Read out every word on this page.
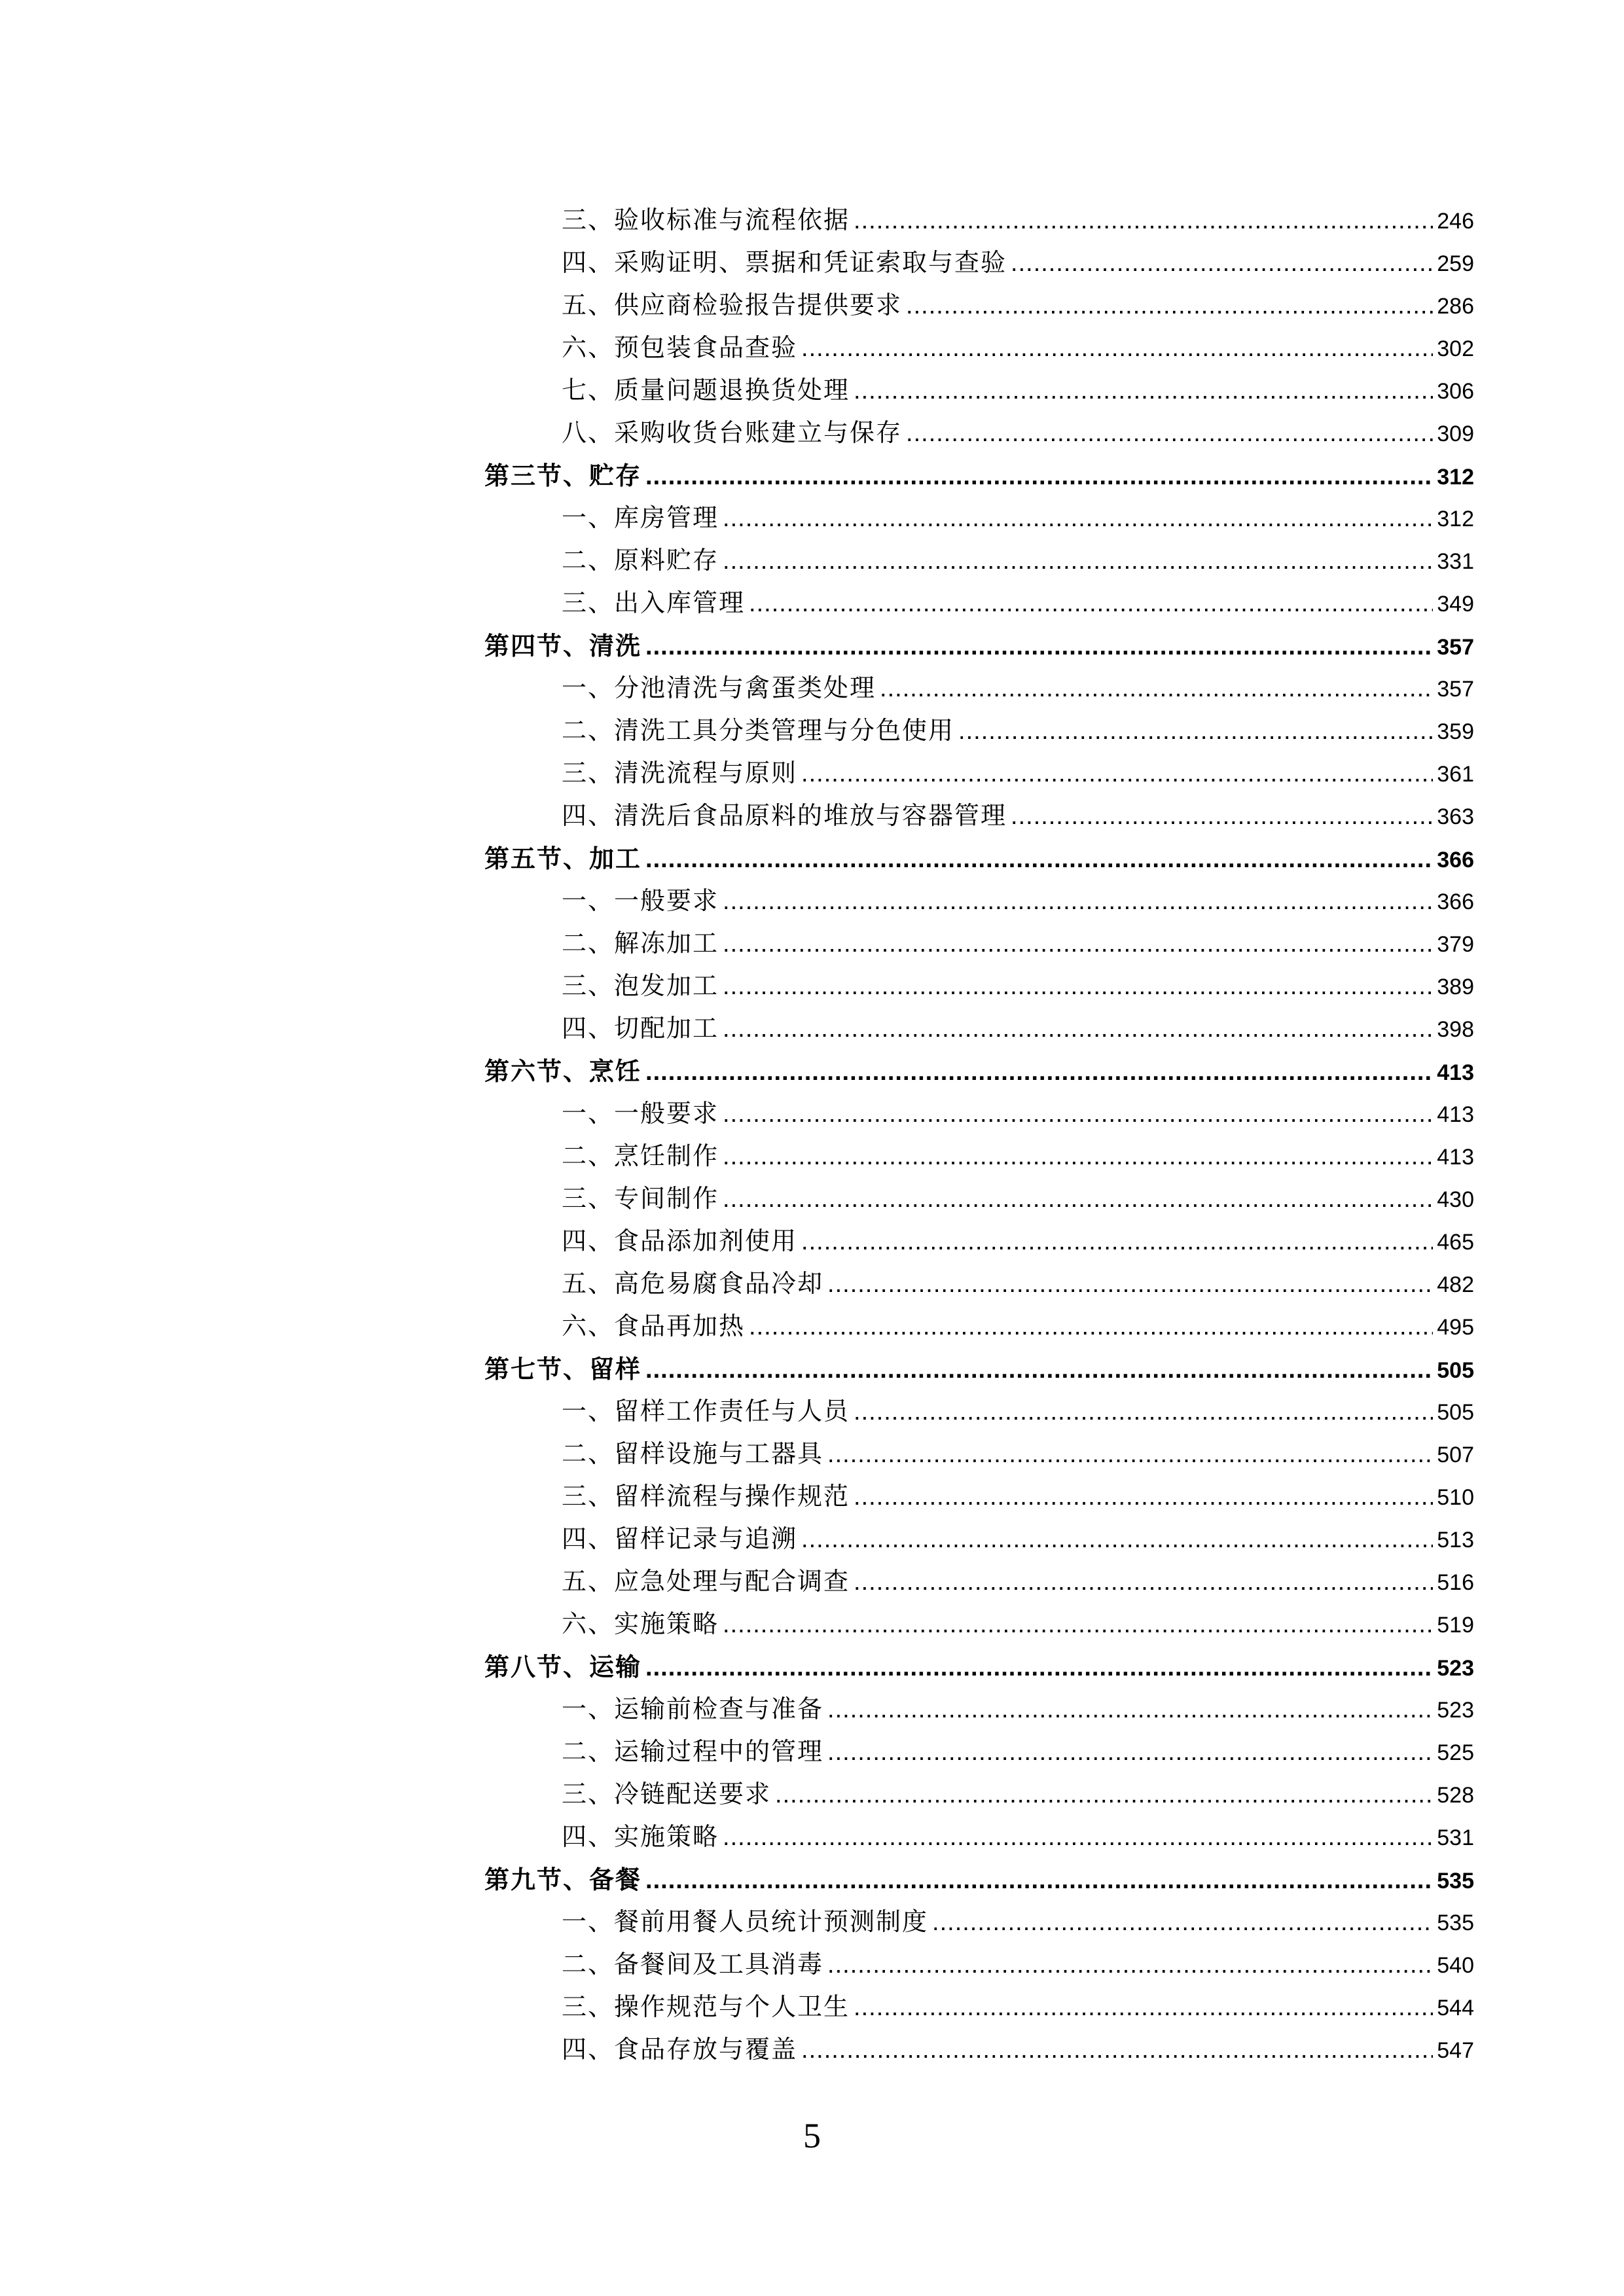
三、验收标准与流程依据 .....	246
四、采购证明、票据和凭证索取与查验 .....	259
五、供应商检验报告提供要求 .....	286
六、预包装食品查验 .....	302
七、质量问题退换货处理 .....	306
八、采购收货台账建立与保存 .....	309
第三节、贮存 .....	312
一、库房管理 .....	312
二、原料贮存 .....	331
三、出入库管理 .....	349
第四节、清洗 .....	357
一、分池清洗与禽蛋类处理 .....	357
二、清洗工具分类管理与分色使用 .....	359
三、清洗流程与原则 .....	361
四、清洗后食品原料的堆放与容器管理 .....	363
第五节、加工 .....	366
一、一般要求 .....	366
二、解冻加工 .....	379
三、泡发加工 .....	389
四、切配加工 .....	398
第六节、烹饪 .....	413
一、一般要求 .....	413
二、烹饪制作 .....	413
三、专间制作 .....	430
四、食品添加剂使用 .....	465
五、高危易腐食品冷却 .....	482
六、食品再加热 .....	495
第七节、留样 .....	505
一、留样工作责任与人员 .....	505
二、留样设施与工器具 .....	507
三、留样流程与操作规范 .....	510
四、留样记录与追溯 .....	513
五、应急处理与配合调查 .....	516
六、实施策略 .....	519
第八节、运输 .....	523
一、运输前检查与准备 .....	523
二、运输过程中的管理 .....	525
三、冷链配送要求 .....	528
四、实施策略 .....	531
第九节、备餐 .....	535
一、餐前用餐人员统计预测制度 .....	535
二、备餐间及工具消毒 .....	540
三、操作规范与个人卫生 .....	544
四、食品存放与覆盖 .....	547
5
